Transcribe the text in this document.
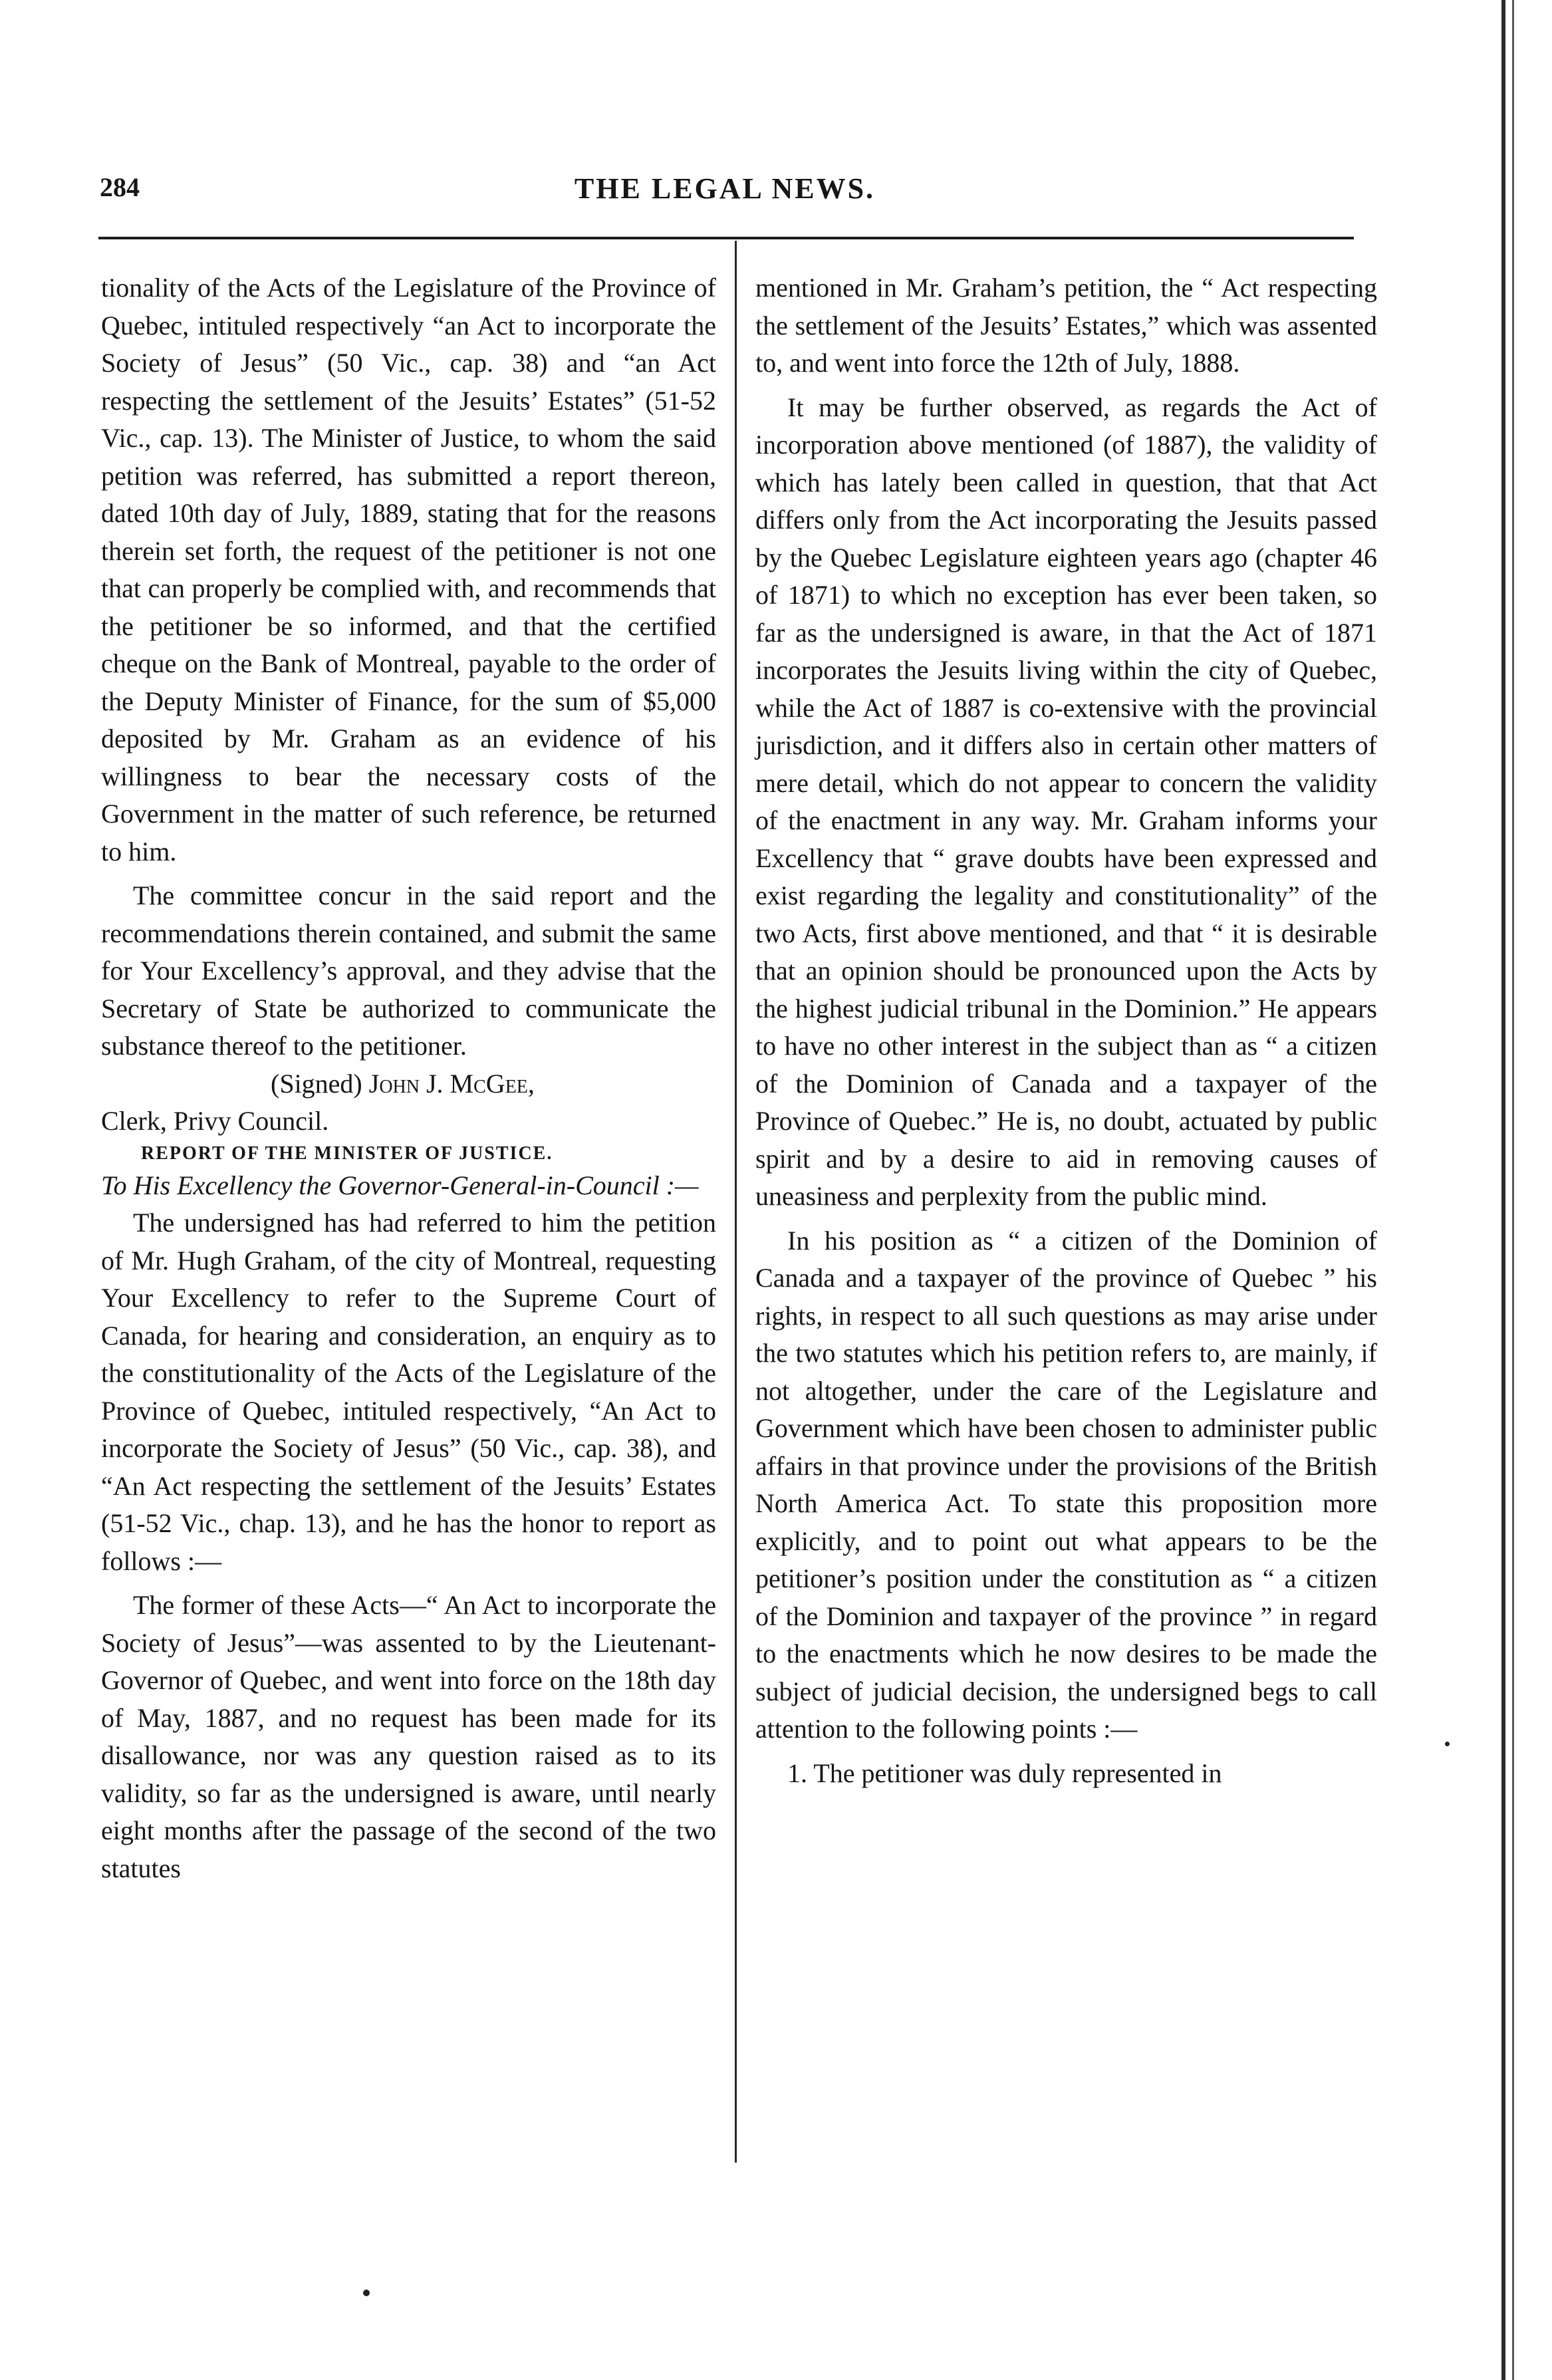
284	THE LEGAL NEWS.

tionality of the Acts of the Legislature of the Province of Quebec, intituled respectively “an Act to incorporate the Society of Jesus” (50 Vic., cap. 38) and “an Act respecting the settlement of the Jesuits’ Estates” (51-52 Vic., cap. 13). The Minister of Justice, to whom the said petition was referred, has submitted a report thereon, dated 10th day of July, 1889, stating that for the reasons therein set forth, the request of the petitioner is not one that can properly be complied with, and recommends that the petitioner be so informed, and that the certified cheque on the Bank of Montreal, payable to the order of the Deputy Minister of Finance, for the sum of $5,000 deposited by Mr. Graham as an evidence of his willingness to bear the necessary costs of the Government in the matter of such reference, be returned to him.

The committee concur in the said report and the recommendations therein contained, and submit the same for Your Excellency’s approval, and they advise that the Secretary of State be authorized to communicate the substance thereof to the petitioner.

(Signed) John J. McGee,

Clerk, Privy Council.

REPORT OF THE MINISTER OF JUSTICE.

To His Excellency the Governor-General-in-Council :—

The undersigned has had referred to him the petition of Mr. Hugh Graham, of the city of Montreal, requesting Your Excellency to refer to the Supreme Court of Canada, for hearing and consideration, an enquiry as to the constitutionality of the Acts of the Legislature of the Province of Quebec, intituled respectively, “An Act to incorporate the Society of Jesus” (50 Vic., cap. 38), and “An Act respecting the settlement of the Jesuits’ Estates (51-52 Vic., chap. 13), and he has the honor to report as follows :—

The former of these Acts—“ An Act to incorporate the Society of Jesus”—was assented to by the Lieutenant-Governor of Quebec, and went into force on the 18th day of May, 1887, and no request has been made for its disallowance, nor was any question raised as to its validity, so far as the undersigned is aware, until nearly eight months after the passage of the second of the two statutes

mentioned in Mr. Graham’s petition, the “ Act respecting the settlement of the Jesuits’ Estates,” which was assented to, and went into force the 12th of July, 1888.

It may be further observed, as regards the Act of incorporation above mentioned (of 1887), the validity of which has lately been called in question, that that Act differs only from the Act incorporating the Jesuits passed by the Quebec Legislature eighteen years ago (chapter 46 of 1871) to which no exception has ever been taken, so far as the undersigned is aware, in that the Act of 1871 incorporates the Jesuits living within the city of Quebec, while the Act of 1887 is co-extensive with the provincial jurisdiction, and it differs also in certain other matters of mere detail, which do not appear to concern the validity of the enactment in any way. Mr. Graham informs your Excellency that “ grave doubts have been expressed and exist regarding the legality and constitutionality” of the two Acts, first above mentioned, and that “ it is desirable that an opinion should be pronounced upon the Acts by the highest judicial tribunal in the Dominion.” He appears to have no other interest in the subject than as “ a citizen of the Dominion of Canada and a taxpayer of the Province of Quebec.” He is, no doubt, actuated by public spirit and by a desire to aid in removing causes of uneasiness and perplexity from the public mind.

In his position as “ a citizen of the Dominion of Canada and a taxpayer of the province of Quebec ” his rights, in respect to all such questions as may arise under the two statutes which his petition refers to, are mainly, if not altogether, under the care of the Legislature and Government which have been chosen to administer public affairs in that province under the provisions of the British North America Act. To state this proposition more explicitly, and to point out what appears to be the petitioner’s position under the constitution as “ a citizen of the Dominion and taxpayer of the province ” in regard to the enactments which he now desires to be made the subject of judicial decision, the undersigned begs to call attention to the following points :—

1. The petitioner was duly represented in
